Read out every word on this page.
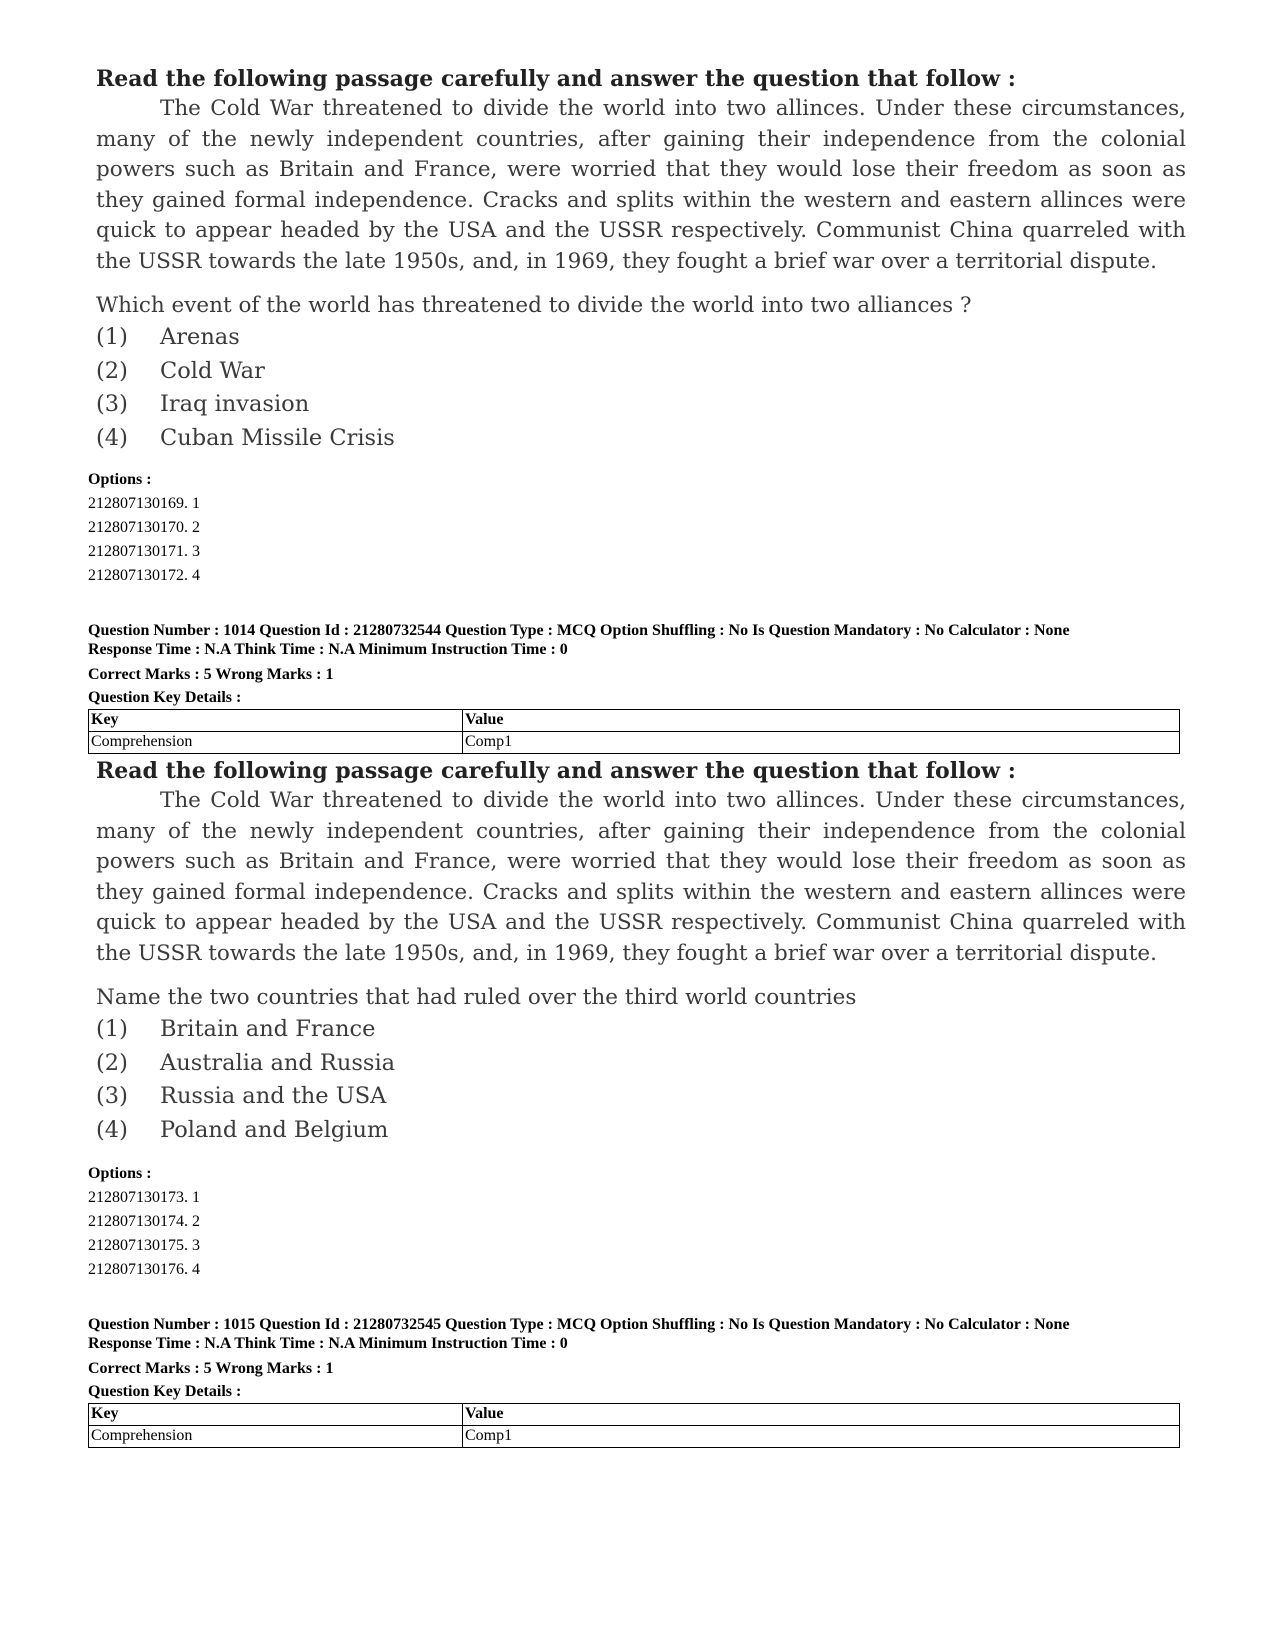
Read the following passage carefully and answer the question that follow :

The Cold War threatened to divide the world into two allinces. Under these circumstances, many of the newly independent countries, after gaining their independence from the colonial powers such as Britain and France, were worried that they would lose their freedom as soon as they gained formal independence. Cracks and splits within the western and eastern allinces were quick to appear headed by the USA and the USSR respectively. Communist China quarreled with the USSR towards the late 1950s, and, in 1969, they fought a brief war over a territorial dispute.

Which event of the world has threatened to divide the world into two alliances ?

(1)	Arenas
(2)	Cold War
(3)	Iraq invasion
(4)	Cuban Missile Crisis
Options :
212807130169. 1
212807130170. 2
212807130171. 3
212807130172. 4
Question Number : 1014 Question Id : 21280732544 Question Type : MCQ Option Shuffling : No Is Question Mandatory : No Calculator : None
Response Time : N.A Think Time : N.A Minimum Instruction Time : 0
Correct Marks : 5 Wrong Marks : 1
Question Key Details :
Key	Value
Comprehension	Comp1

Read the following passage carefully and answer the question that follow :

The Cold War threatened to divide the world into two allinces. Under these circumstances, many of the newly independent countries, after gaining their independence from the colonial powers such as Britain and France, were worried that they would lose their freedom as soon as they gained formal independence. Cracks and splits within the western and eastern allinces were quick to appear headed by the USA and the USSR respectively. Communist China quarreled with the USSR towards the late 1950s, and, in 1969, they fought a brief war over a territorial dispute.

Name the two countries that had ruled over the third world countries

(1)	Britain and France
(2)	Australia and Russia
(3)	Russia and the USA
(4)	Poland and Belgium
Options :
212807130173. 1
212807130174. 2
212807130175. 3
212807130176. 4
Question Number : 1015 Question Id : 21280732545 Question Type : MCQ Option Shuffling : No Is Question Mandatory : No Calculator : None
Response Time : N.A Think Time : N.A Minimum Instruction Time : 0
Correct Marks : 5 Wrong Marks : 1
Question Key Details :
Key	Value
Comprehension	Comp1
